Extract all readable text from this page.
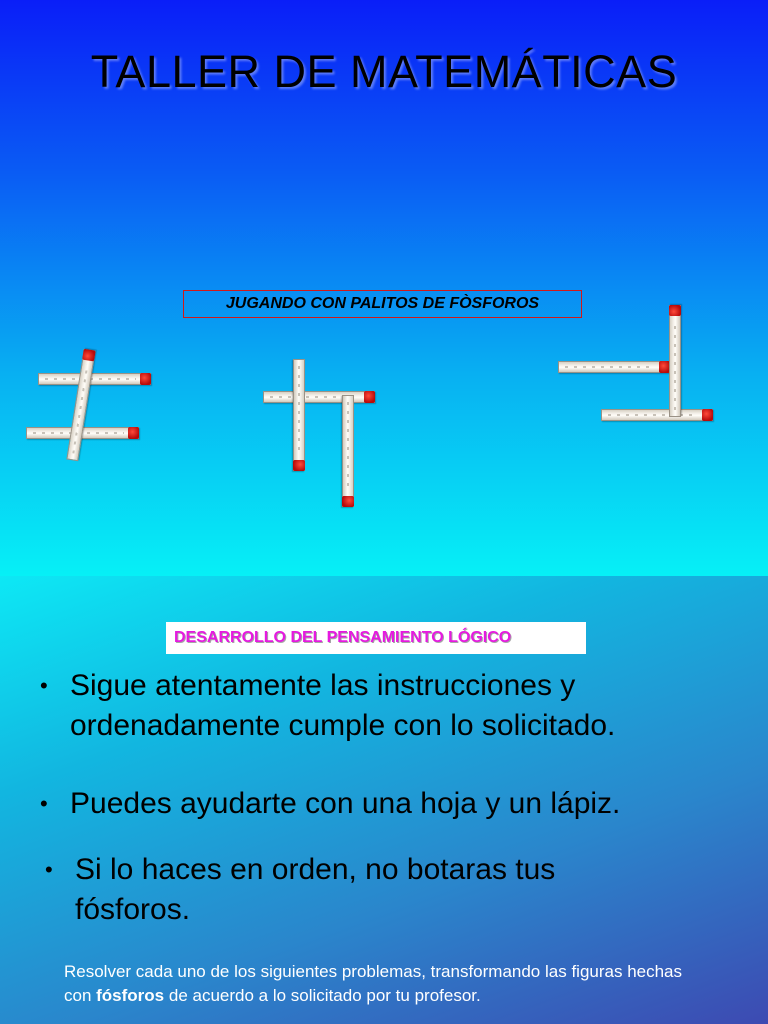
TALLER DE MATEMÁTICAS
JUGANDO CON PALITOS DE FÒSFOROS
DESARROLLO DEL PENSAMIENTO LÓGICO
• Sigue atentamente las instrucciones y ordenadamente cumple con lo solicitado.
• Puedes ayudarte con una hoja y un lápiz.
• Si lo haces en orden, no botaras tus fósforos.
Resolver cada uno de los siguientes problemas, transformando las figuras hechas con fósforos de acuerdo a lo solicitado por tu profesor.
